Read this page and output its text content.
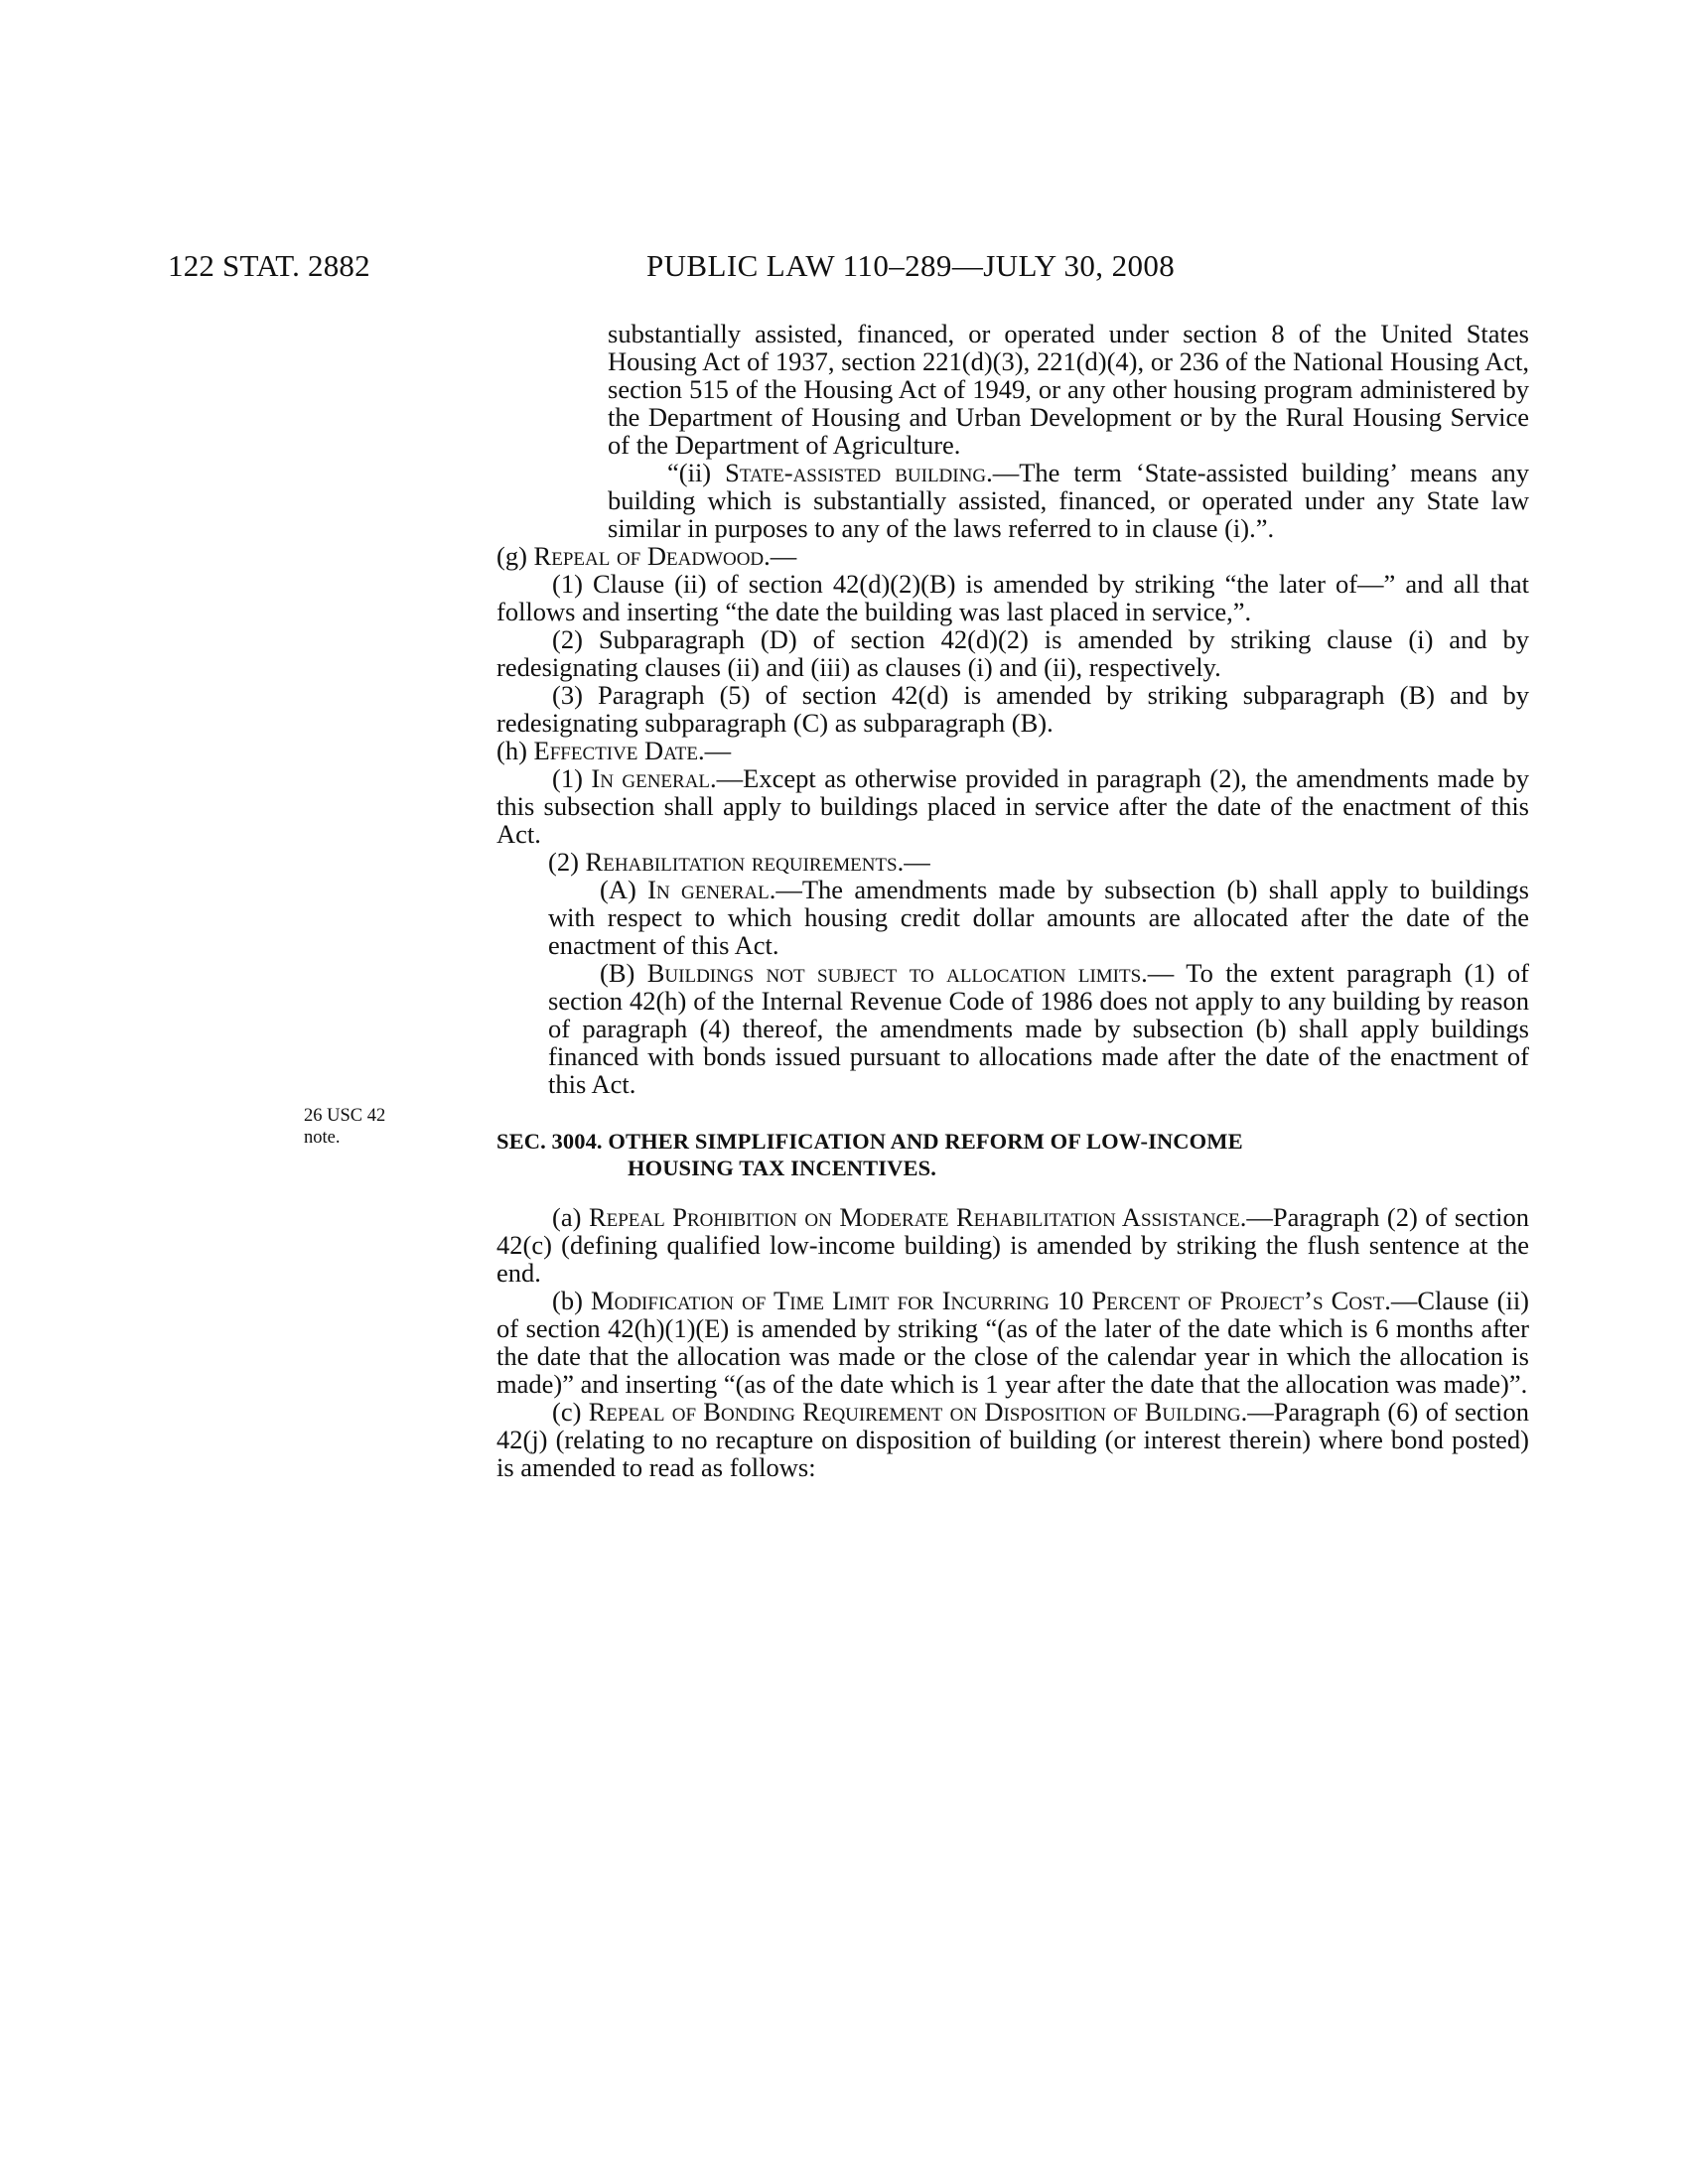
122 STAT. 2882	PUBLIC LAW 110–289—JULY 30, 2008
26 USC 42
note.

substantially assisted, financed, or operated under section 8 of the United States Housing Act of 1937, section 221(d)(3), 221(d)(4), or 236 of the National Housing Act, section 515 of the Housing Act of 1949, or any other housing program administered by the Department of Housing and Urban Development or by the Rural Housing Service of the Department of Agriculture.

“(ii) State-assisted building.—The term ‘State-assisted building’ means any building which is substantially assisted, financed, or operated under any State law similar in purposes to any of the laws referred to in clause (i).”.

(g) Repeal of Deadwood.—

(1) Clause (ii) of section 42(d)(2)(B) is amended by striking “the later of—” and all that follows and inserting “the date the building was last placed in service,”.

(2) Subparagraph (D) of section 42(d)(2) is amended by striking clause (i) and by redesignating clauses (ii) and (iii) as clauses (i) and (ii), respectively.

(3) Paragraph (5) of section 42(d) is amended by striking subparagraph (B) and by redesignating subparagraph (C) as subparagraph (B).

(h) Effective Date.—

(1) In general.—Except as otherwise provided in paragraph (2), the amendments made by this subsection shall apply to buildings placed in service after the date of the enactment of this Act.

(2) Rehabilitation requirements.—

(A) In general.—The amendments made by subsection (b) shall apply to buildings with respect to which housing credit dollar amounts are allocated after the date of the enactment of this Act.

(B) Buildings not subject to allocation limits.— To the extent paragraph (1) of section 42(h) of the Internal Revenue Code of 1986 does not apply to any building by reason of paragraph (4) thereof, the amendments made by subsection (b) shall apply buildings financed with bonds issued pursuant to allocations made after the date of the enactment of this Act.

SEC. 3004. OTHER SIMPLIFICATION AND REFORM OF LOW-INCOME
HOUSING TAX INCENTIVES.

(a) Repeal Prohibition on Moderate Rehabilitation Assistance.—Paragraph (2) of section 42(c) (defining qualified low-income building) is amended by striking the flush sentence at the end.

(b) Modification of Time Limit for Incurring 10 Percent of Project’s Cost.—Clause (ii) of section 42(h)(1)(E) is amended by striking “(as of the later of the date which is 6 months after the date that the allocation was made or the close of the calendar year in which the allocation is made)” and inserting “(as of the date which is 1 year after the date that the allocation was made)”.

(c) Repeal of Bonding Requirement on Disposition of Building.—Paragraph (6) of section 42(j) (relating to no recapture on disposition of building (or interest therein) where bond posted) is amended to read as follows:
